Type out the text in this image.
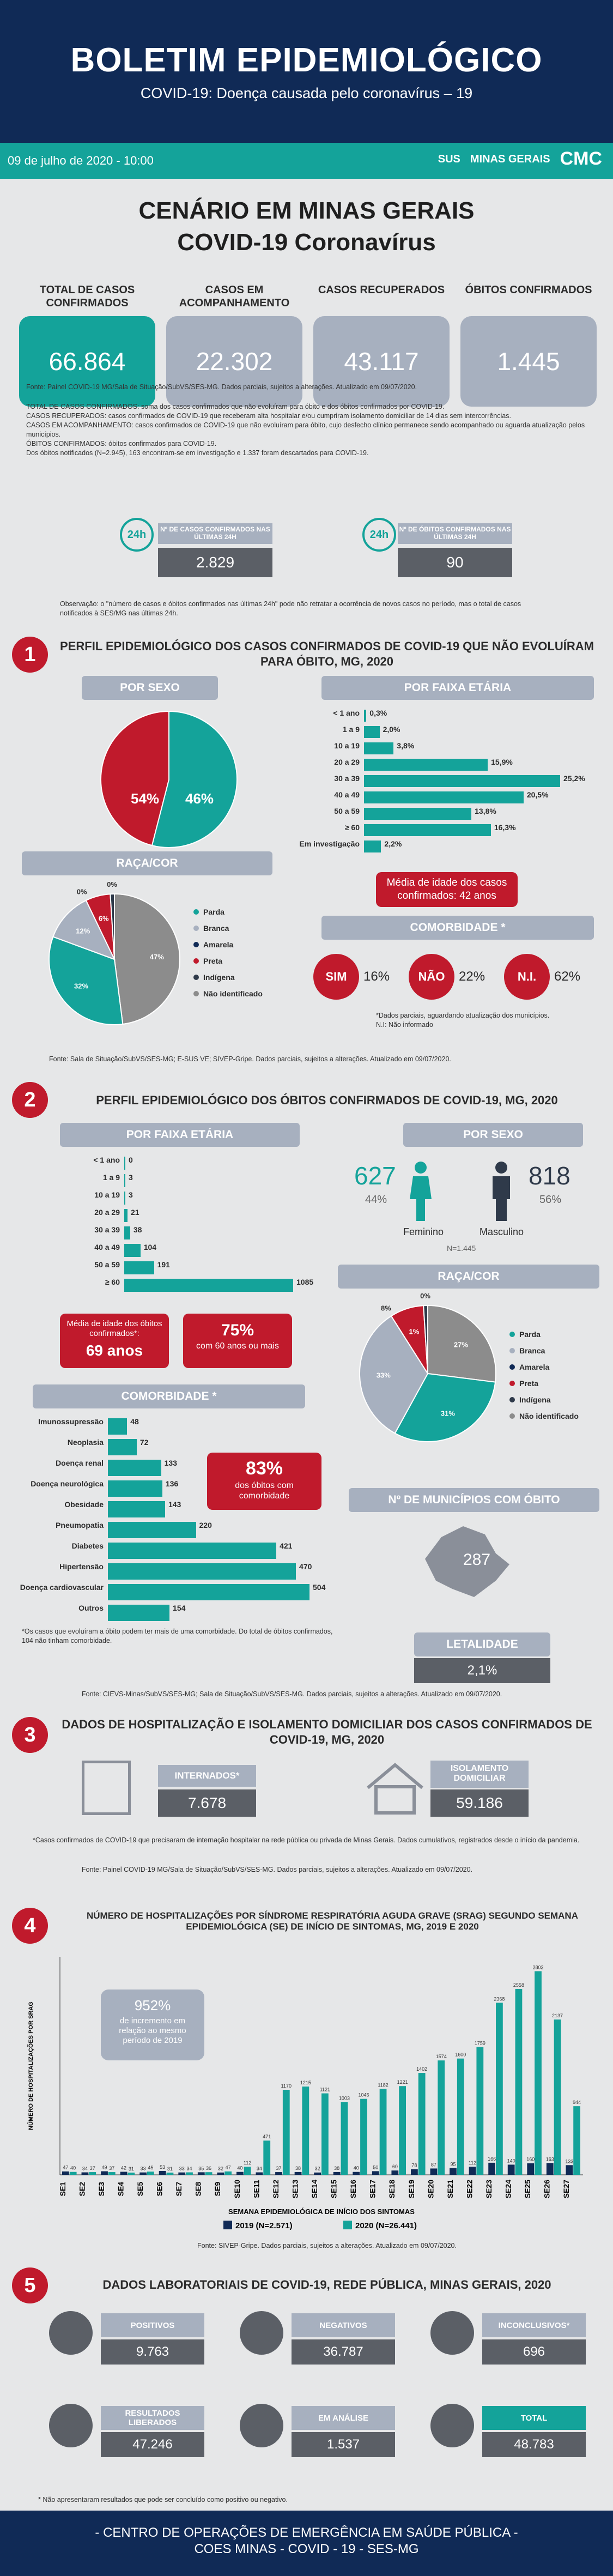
BOLETIM EPIDEMIOLÓGICO
COVID-19: Doença causada pelo coronavírus – 19
09 de julho de 2020 - 10:00	SUS MINAS GERAIS CMC
CENÁRIO EM MINAS GERAIS
COVID-19 Coronavírus
TOTAL DE CASOS CONFIRMADOS
66.864
CASOS EM ACOMPANHAMENTO
22.302
CASOS RECUPERADOS
43.117
ÓBITOS CONFIRMADOS
1.445
Fonte: Painel COVID-19 MG/Sala de Situação/SubVS/SES-MG. Dados parciais, sujeitos a alterações. Atualizado em 09/07/2020.
TOTAL DE CASOS CONFIRMADOS: soma dos casos confirmados que não evoluíram para óbito e dos óbitos confirmados por COVID-19.
CASOS RECUPERADOS: casos confirmados de COVID-19 que receberam alta hospitalar e/ou cumpriram isolamento domiciliar de 14 dias sem intercorrências.
CASOS EM ACOMPANHAMENTO: casos confirmados de COVID-19 que não evoluíram para óbito, cujo desfecho clínico permanece sendo acompanhado ou aguarda atualização pelos municípios.
ÓBITOS CONFIRMADOS: óbitos confirmados para COVID-19.
Dos óbitos notificados (N=2.945), 163 encontram-se em investigação e 1.337 foram descartados para COVID-19.
24h	Nº DE CASOS CONFIRMADOS NAS ÚLTIMAS 24H
2.829
24h	Nº DE ÓBITOS CONFIRMADOS NAS ÚLTIMAS 24H
90
Observação: o "número de casos e óbitos confirmados nas últimas 24h" pode não retratar a ocorrência de novos casos no período, mas o total de casos notificados à SES/MG nas últimas 24h.
1	PERFIL EPIDEMIOLÓGICO DOS CASOS CONFIRMADOS DE COVID-19 QUE NÃO EVOLUÍRAM PARA ÓBITO, MG, 2020
POR SEXO
54% 46%
POR FAIXA ETÁRIA
< 1 ano 0,3%
1 a 9	2,0%
10 a 19	3,8%
20 a 29	15,9%
30 a 39	25,2%
40 a 49	20,5%
50 a 59	13,8%
≥ 60	16,3%
Em investigação	2,2%
Média de idade dos casos confirmados: 42 anos
RAÇA/COR
47%
32%
12%
0%
6%
0%
Parda
Branca
Amarela
Preta
Indígena
Não identificado
COMORBIDADE *
SIM	16%	NÃO	22%	N.I.	62%
*Dados parciais, aguardando atualização dos municípios.
N.I: Não informado
Fonte: Sala de Situação/SubVS/SES-MG; E-SUS VE; SIVEP-Gripe. Dados parciais, sujeitos a alterações. Atualizado em 09/07/2020.
2	PERFIL EPIDEMIOLÓGICO DOS ÓBITOS CONFIRMADOS DE COVID-19, MG, 2020
POR FAIXA ETÁRIA
< 1 ano 0
1 a 9 3
10 a 19 3
20 a 29 21
30 a 39 38
40 a 49	104
50 a 59	191
≥ 60	1085
Média de idade dos óbitos confirmados*:
69 anos
75%
com 60 anos ou mais
POR SEXO
627
44%
Feminino
818
56%
Masculino
N=1.445
RAÇA/COR
27%
31%
33%
8%
1%
0%
Parda
Branca
Amarela
Preta
Indígena
Não identificado
COMORBIDADE *
Imunossupressão	48
Neoplasia	72
Doença renal	133
Doença neurológica	136
Obesidade	143
Pneumopatia	220
Diabetes	421
Hipertensão	470
Doença cardiovascular	504
Outros	154
83%
dos óbitos com comorbidade
*Os casos que evoluíram a óbito podem ter mais de uma comorbidade. Do total de óbitos confirmados, 104 não tinham comorbidade.
Nº DE MUNICÍPIOS COM ÓBITO
287
LETALIDADE
2,1%
Fonte: CIEVS-Minas/SubVS/SES-MG; Sala de Situação/SubVS/SES-MG. Dados parciais, sujeitos a alterações. Atualizado em 09/07/2020.
3	DADOS DE HOSPITALIZAÇÃO E ISOLAMENTO DOMICILIAR DOS CASOS CONFIRMADOS DE COVID-19, MG, 2020
INTERNADOS*
7.678
ISOLAMENTO DOMICILIAR
59.186
*Casos confirmados de COVID-19 que precisaram de internação hospitalar na rede pública ou privada de Minas Gerais. Dados cumulativos, registrados desde o início da pandemia.
Fonte: Painel COVID-19 MG/Sala de Situação/SubVS/SES-MG. Dados parciais, sujeitos a alterações. Atualizado em 09/07/2020.
4	NÚMERO DE HOSPITALIZAÇÕES POR SÍNDROME RESPIRATÓRIA AGUDA GRAVE (SRAG) SEGUNDO SEMANA EPIDEMIOLÓGICA (SE) DE INÍCIO DE SINTOMAS, MG, 2019 E 2020
NÚMERO DE HOSPITALIZAÇÕES POR SRAG
47 40
SE1
34 37
SE2
49 37
SE3
42 31
SE4
33 45
SE5
53 31
SE6
33 34
SE7
35 36
SE8
32 47
SE9
40
112
SE10
34
471
SE11
37
1170
SE12
38
1215
SE13
32
1121
SE14
38
1003
SE15
40
1045
SE16
50
1182
SE17
60
1221
SE18
78
1402
SE19
87
1574
SE20
95
1600
SE21
112
1759
SE22
166
2368
SE23
140
2558
SE24
160
2802
SE25
163
2137
SE26
133
944
SE27
SEMANA EPIDEMIOLÓGICA DE INÍCIO DOS SINTOMAS
2019 (N=2.571)	2020 (N=26.441)
952%
de incremento em relação ao mesmo período de 2019
Fonte: SIVEP-Gripe. Dados parciais, sujeitos a alterações. Atualizado em 09/07/2020.
5	DADOS LABORATORIAIS DE COVID-19, REDE PÚBLICA, MINAS GERAIS, 2020
POSITIVOS
9.763
NEGATIVOS
36.787
INCONCLUSIVOS*
696
RESULTADOS LIBERADOS
47.246
EM ANÁLISE
1.537
TOTAL
48.783
* Não apresentaram resultados que pode ser concluído como positivo ou negativo.
- CENTRO DE OPERAÇÕES DE EMERGÊNCIA EM SAÚDE PÚBLICA -
COES MINAS - COVID - 19 - SES-MG
